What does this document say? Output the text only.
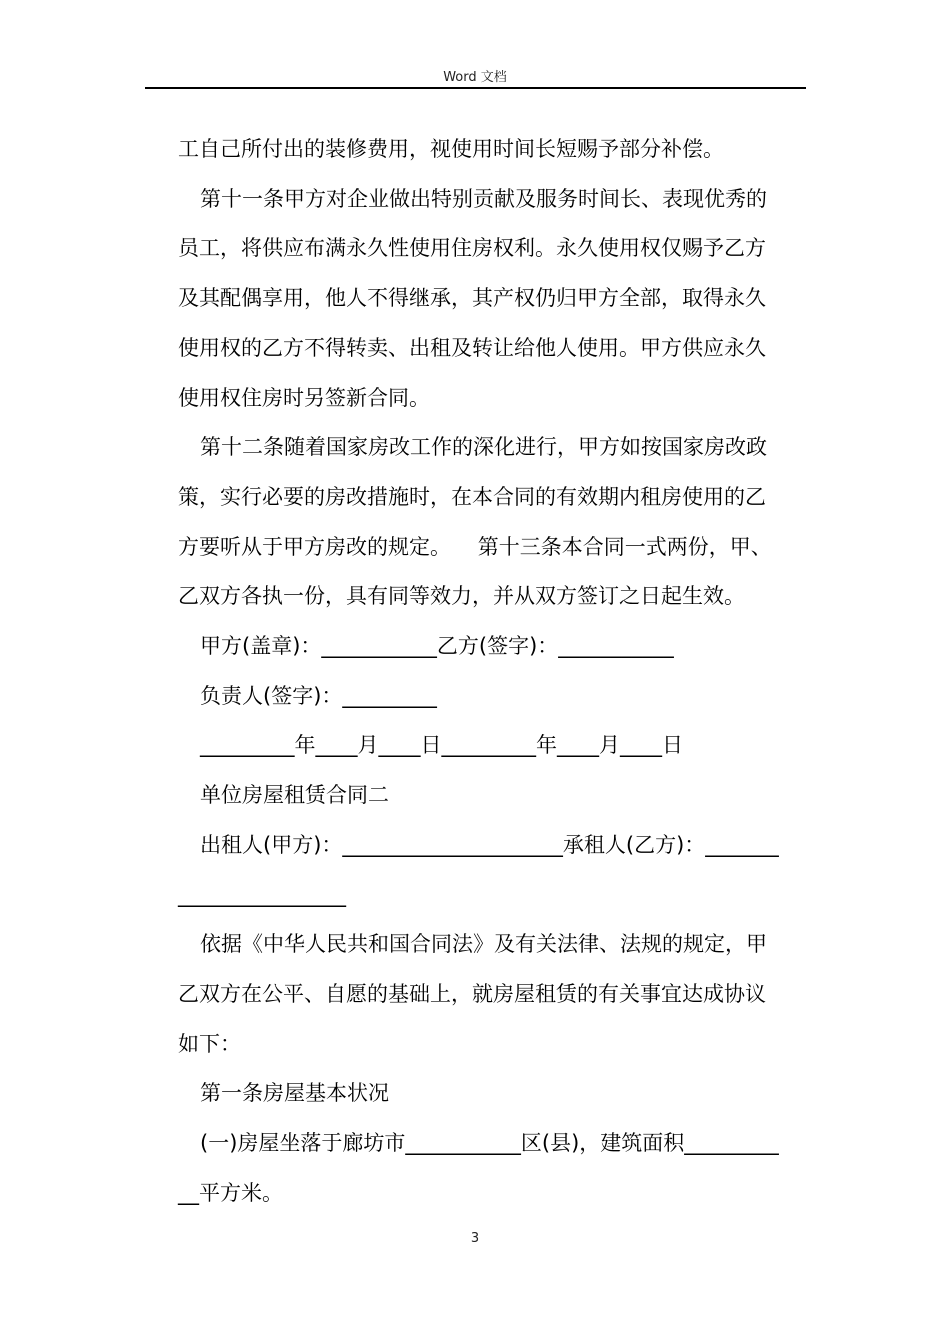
Word 文档

工自己所付出的装修费用，视使用时间长短赐予部分补偿。

第十一条甲方对企业做出特别贡献及服务时间长、表现优秀的

员工，将供应布满永久性使用住房权利。永久使用权仅赐予乙方

及其配偶享用，他人不得继承，其产权仍归甲方全部，取得永久

使用权的乙方不得转卖、出租及转让给他人使用。甲方供应永久

使用权住房时另签新合同。

第十二条随着国家房改工作的深化进行，甲方如按国家房改政

策，实行必要的房改措施时，在本合同的有效期内租房使用的乙

方要听从于甲方房改的规定。    第十三条本合同一式两份，甲、

乙双方各执一份，具有同等效力，并从双方签订之日起生效。

甲方(盖章)：___________乙方(签字)：___________

负责人(签字)：_________

_________年____月____日_________年____月____日

单位房屋租赁合同二

出租人(甲方)：_____________________承租人(乙方)：_______

________________

依据《中华人民共和国合同法》及有关法律、法规的规定，甲

乙双方在公平、自愿的基础上，就房屋租赁的有关事宜达成协议

如下：

第一条房屋基本状况

(一)房屋坐落于廊坊市___________区(县)，建筑面积_________

__平方米。

3
